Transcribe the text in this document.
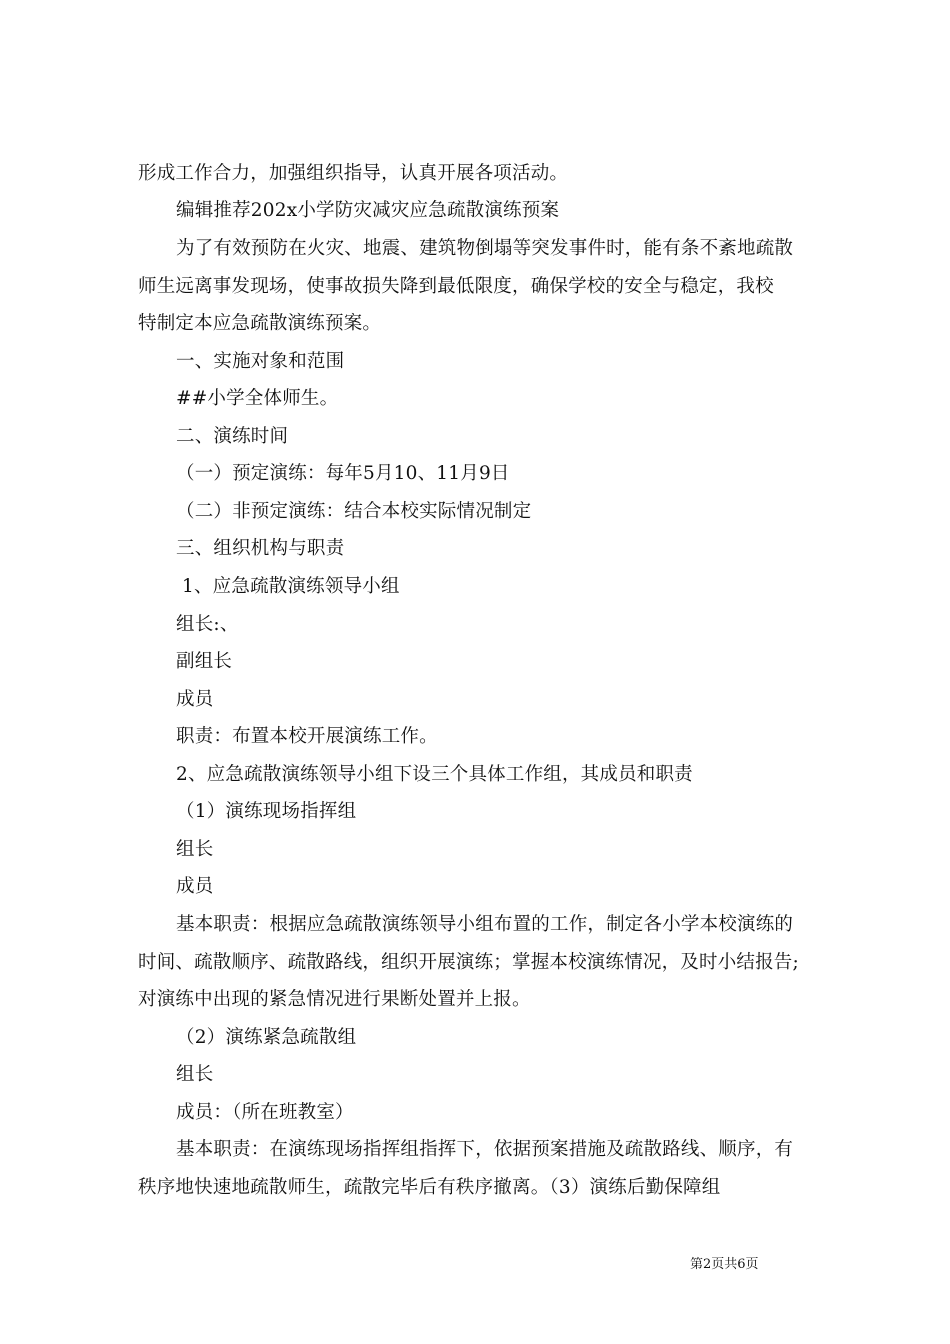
形成工作合力，加强组织指导，认真开展各项活动。
编辑推荐202x小学防灾减灾应急疏散演练预案
为了有效预防在火灾、地震、建筑物倒塌等突发事件时，能有条不紊地疏散
师生远离事发现场，使事故损失降到最低限度，确保学校的安全与稳定，我校
特制定本应急疏散演练预案。
一、实施对象和范围
##小学全体师生。
二、演练时间
（一）预定演练：每年5月10、11月9日
（二）非预定演练：结合本校实际情况制定
三、组织机构与职责
1、应急疏散演练领导小组
组长:、
副组长
成员
职责：布置本校开展演练工作。
2、应急疏散演练领导小组下设三个具体工作组，其成员和职责
（1）演练现场指挥组
组长
成员
基本职责：根据应急疏散演练领导小组布置的工作，制定各小学本校演练的
时间、疏散顺序、疏散路线，组织开展演练；掌握本校演练情况，及时小结报告;
对演练中出现的紧急情况进行果断处置并上报。
（2）演练紧急疏散组
组长
成员：（所在班教室）
基本职责：在演练现场指挥组指挥下，依据预案措施及疏散路线、顺序，有
秩序地快速地疏散师生，疏散完毕后有秩序撤离。（3）演练后勤保障组
第2页共6页
